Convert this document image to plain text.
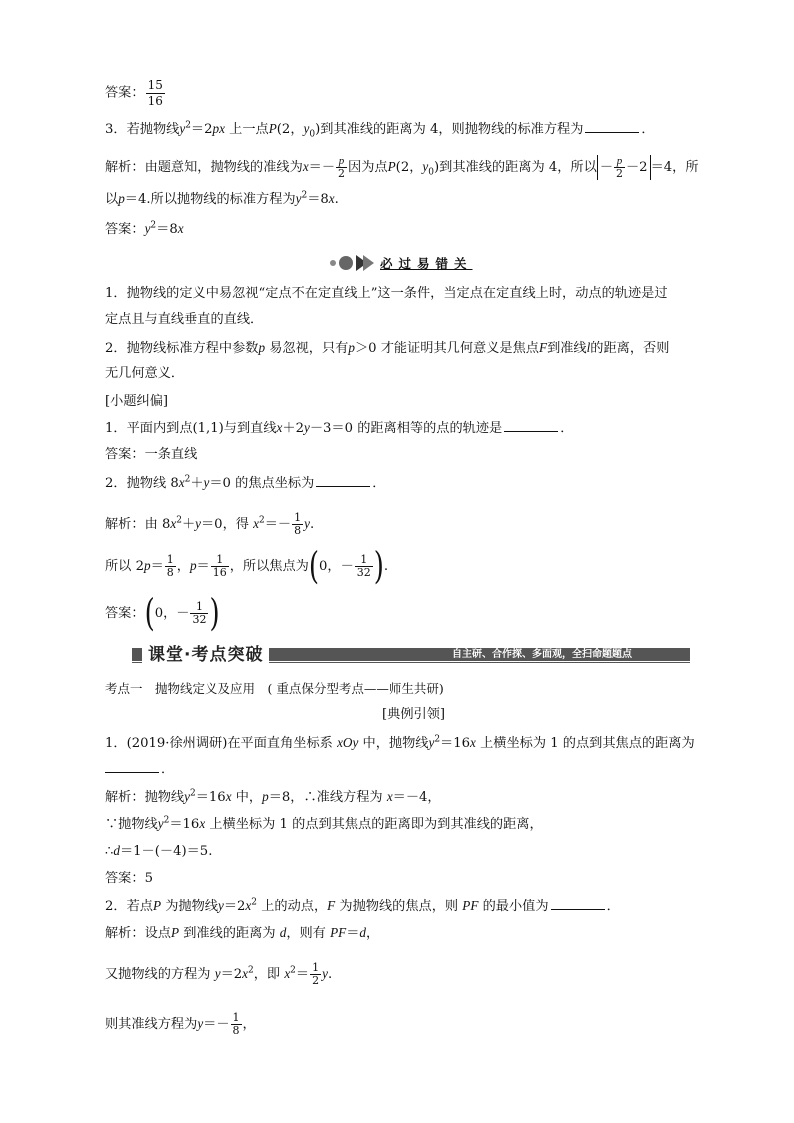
答案： $\frac{15}{16}$
3．若抛物线$y^2=2px$ 上一点P(2，$y_0$)到其准线的距离为 4，则抛物线的标准方程为	．
解析：由题意知，抛物线的准线为$x=- \frac{p}{2}$ 因为点P(2，$y_0$)到其准线的距离为 4，所以 － $\frac{p}{2} -2 =4$，所
以p＝4.所以抛物线的标准方程为$y^2=8x$.
答案：$y^2=8x$
必过易错关
1．抛物线的定义中易忽视“定点不在定直线上”这一条件，当定点在定直线上时，动点的轨迹是过
定点且与直线垂直的直线．
2．抛物线标准方程中参数p 易忽视，只有p＞0 才能证明其几何意义是焦点F到准线l的距离，否则
无几何意义．
[小题纠偏]
1．平面内到点(1,1)与到直线x＋2y－3＝0 的距离相等的点的轨迹是	．
答案：一条直线
2．抛物线 $8x^2+y=0$ 的焦点坐标为	．
解析：由 $8x^2+y=0$，得 $x^2=- \frac{1}{8} y$.
所以 $2p= \frac{1}{8}$ ，$p= \frac{1}{16}$ ，所以焦点为(0，－ $\frac{1}{32}$ ).
答案：(0，－ $\frac{1}{32}$ )
课堂·考点突破	自主研、合作探、多面观，全扫命题题点
考点一　抛物线定义及应用　( 重点保分型考点——师生共研)
[典例引领]
1．(2019·徐州调研)在平面直角坐标系 xOy 中，抛物线$y^2=16x$ 上横坐标为 1 的点到其焦点的距离为
．
解析：抛物线$y^2=16x$ 中，p＝8，∴准线方程为 x＝－4，
∵抛物线$y^2=16x$ 上横坐标为 1 的点到其焦点的距离即为到其准线的距离，
∴d＝1－(－4)＝5.
答案：5
2．若点P 为抛物线$y=2x^2$ 上的动点，F 为抛物线的焦点，则 PF 的最小值为	．
解析：设点P 到准线的距离为 d，则有 PF＝d，
又抛物线的方程为 $y=2x^2$，即 $x^2= \frac{1}{2} y$.
则其准线方程为$y=- \frac{1}{8}$ ，
